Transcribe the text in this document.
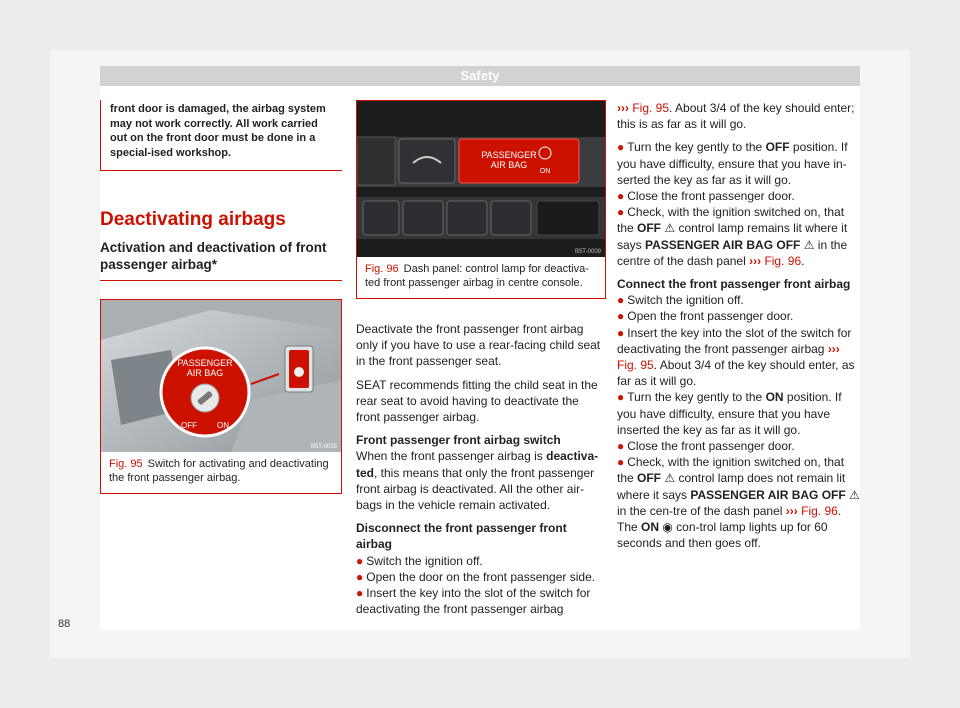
Safety
front door is damaged, the airbag system may not work correctly. All work carried out on the front door must be done in a special-ised workshop.
Deactivating airbags
Activation and deactivation of front passenger airbag*
PASSENGER
AIR BAG
OFF	ON
B5T-0035
Fig. 95 Switch for activating and deactivating the front passenger airbag.
PASSENGER
AIR BAG
ON
B5T-0009
Fig. 96 Dash panel: control lamp for deactiva-ted front passenger airbag in centre console.

Deactivate the front passenger front airbag only if you have to use a rear-facing child seat in the front passenger seat.

SEAT recommends fitting the child seat in the rear seat to avoid having to deactivate the front passenger airbag.

Front passenger front airbag switch

When the front passenger airbag is deactiva-ted, this means that only the front passenger front airbag is deactivated. All the other air-bags in the vehicle remain activated.

Disconnect the front passenger front airbag
● Switch the ignition off.
● Open the door on the front passenger side.
● Insert the key into the slot of the switch for deactivating the front passenger airbag

››› Fig. 95. About 3/4 of the key should enter; this is as far as it will go.

● Turn the key gently to the OFF position. If you have difficulty, ensure that you have in-serted the key as far as it will go.
● Close the front passenger door.
● Check, with the ignition switched on, that the OFF ⚠ control lamp remains lit where it says PASSENGER AIR BAG OFF ⚠ in the centre of the dash panel ››› Fig. 96.
Connect the front passenger front airbag
● Switch the ignition off.
● Open the front passenger door.
● Insert the key into the slot of the switch for deactivating the front passenger airbag ››› Fig. 95. About 3/4 of the key should enter, as far as it will go.
● Turn the key gently to the ON position. If you have difficulty, ensure that you have inserted the key as far as it will go.
● Close the front passenger door.
● Check, with the ignition switched on, that the OFF ⚠ control lamp does not remain lit where it says PASSENGER AIR BAG OFF ⚠ in the cen-tre of the dash panel ››› Fig. 96. The ON ◉ con-trol lamp lights up for 60 seconds and then goes off.
88
